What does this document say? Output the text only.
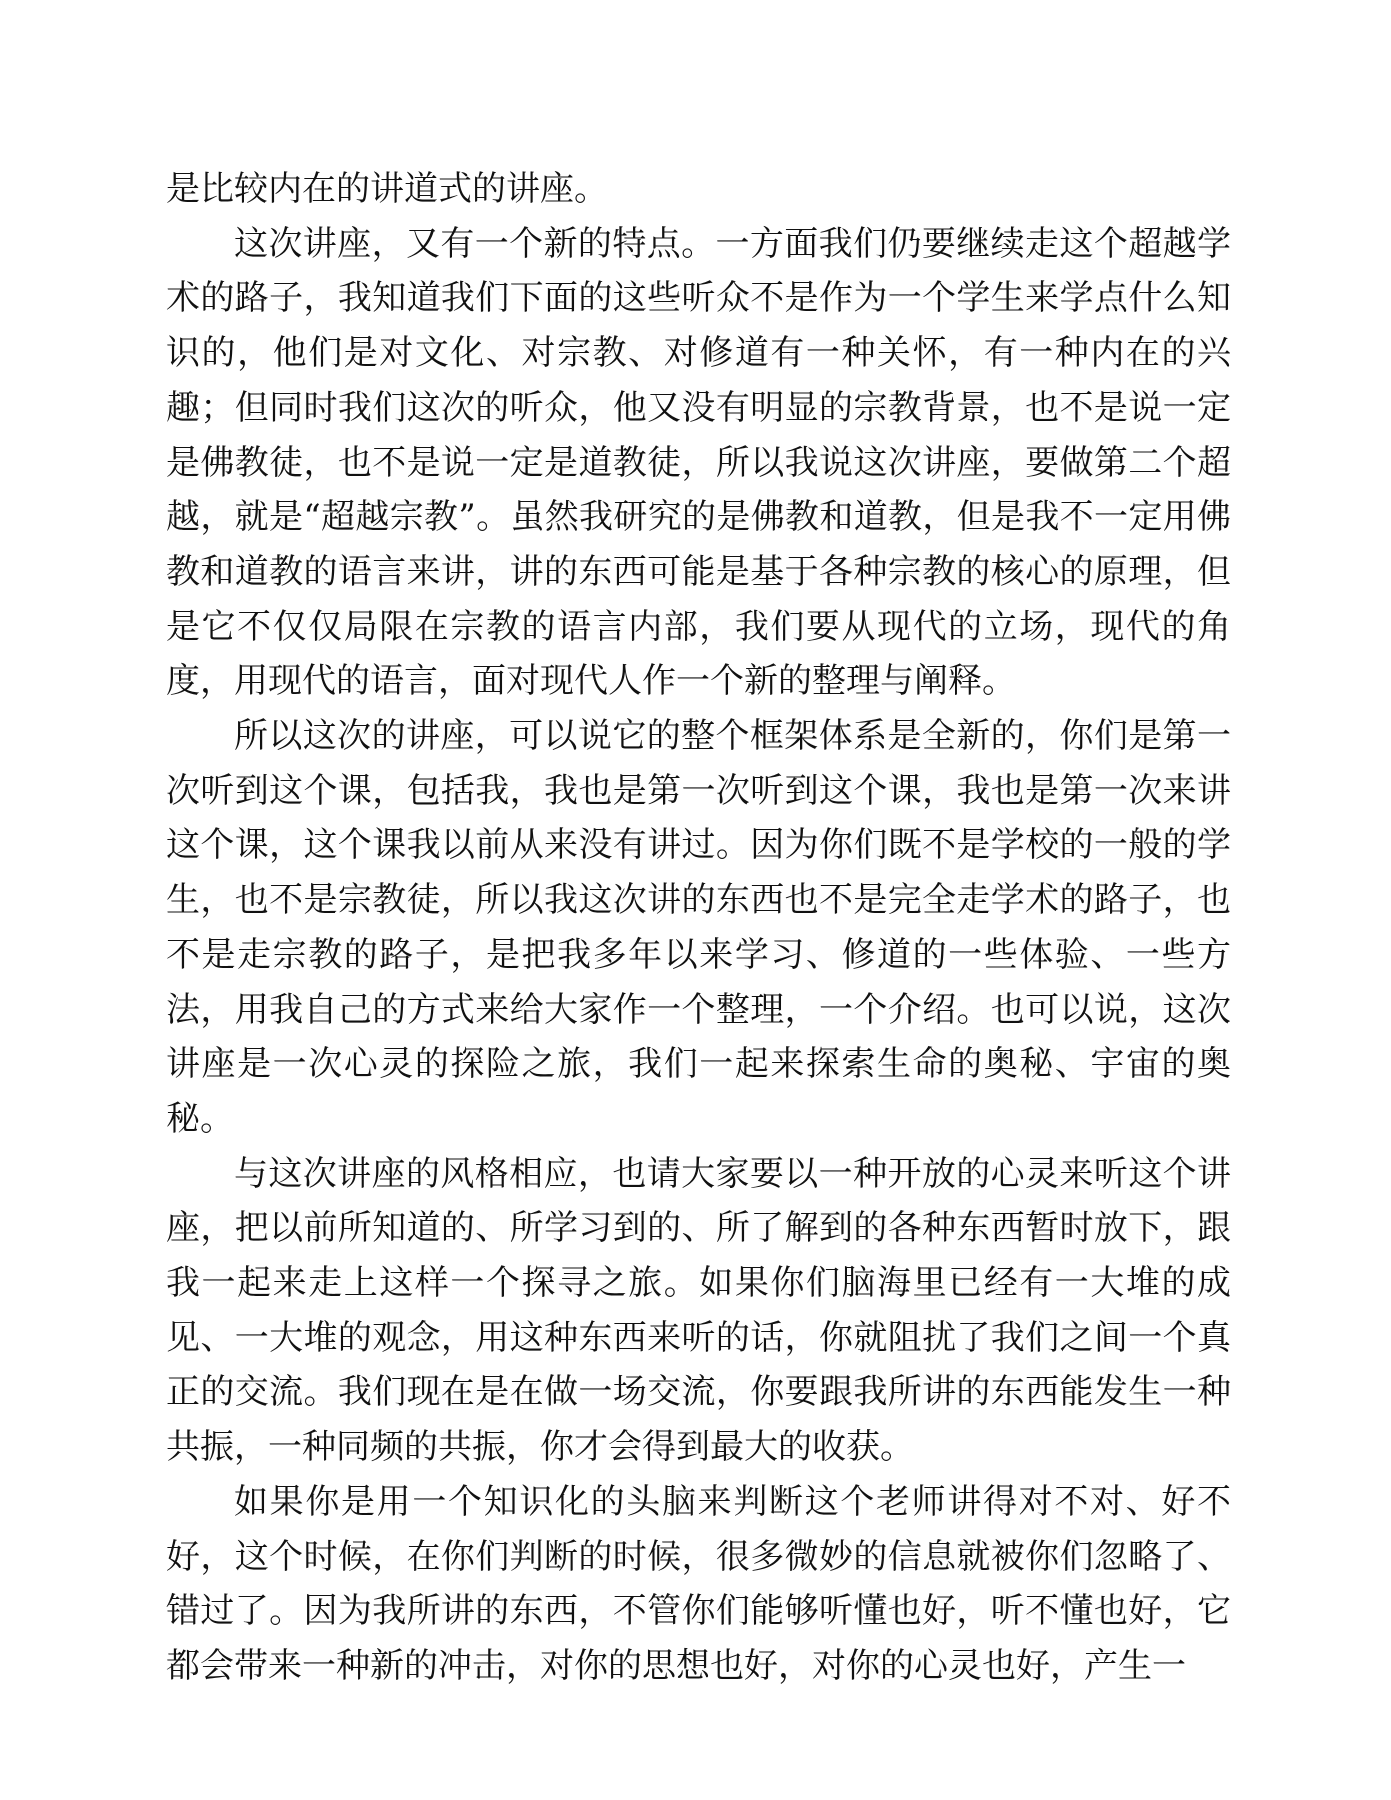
是比较内在的讲道式的讲座。

这次讲座，又有一个新的特点。一方面我们仍要继续走这个超越学术的路子，我知道我们下面的这些听众不是作为一个学生来学点什么知识的，他们是对文化、对宗教、对修道有一种关怀，有一种内在的兴趣；但同时我们这次的听众，他又没有明显的宗教背景，也不是说一定是佛教徒，也不是说一定是道教徒，所以我说这次讲座，要做第二个超越，就是“超越宗教”。虽然我研究的是佛教和道教，但是我不一定用佛教和道教的语言来讲，讲的东西可能是基于各种宗教的核心的原理，但是它不仅仅局限在宗教的语言内部，我们要从现代的立场，现代的角度，用现代的语言，面对现代人作一个新的整理与阐释。

所以这次的讲座，可以说它的整个框架体系是全新的，你们是第一次听到这个课，包括我，我也是第一次听到这个课，我也是第一次来讲这个课，这个课我以前从来没有讲过。因为你们既不是学校的一般的学生，也不是宗教徒，所以我这次讲的东西也不是完全走学术的路子，也不是走宗教的路子，是把我多年以来学习、修道的一些体验、一些方法，用我自己的方式来给大家作一个整理，一个介绍。也可以说，这次讲座是一次心灵的探险之旅，我们一起来探索生命的奥秘、宇宙的奥秘。

与这次讲座的风格相应，也请大家要以一种开放的心灵来听这个讲座，把以前所知道的、所学习到的、所了解到的各种东西暂时放下，跟我一起来走上这样一个探寻之旅。如果你们脑海里已经有一大堆的成见、一大堆的观念，用这种东西来听的话，你就阻扰了我们之间一个真正的交流。我们现在是在做一场交流，你要跟我所讲的东西能发生一种共振，一种同频的共振，你才会得到最大的收获。

如果你是用一个知识化的头脑来判断这个老师讲得对不对、好不好，这个时候，在你们判断的时候，很多微妙的信息就被你们忽略了、错过了。因为我所讲的东西，不管你们能够听懂也好，听不懂也好，它都会带来一种新的冲击，对你的思想也好，对你的心灵也好，产生一
